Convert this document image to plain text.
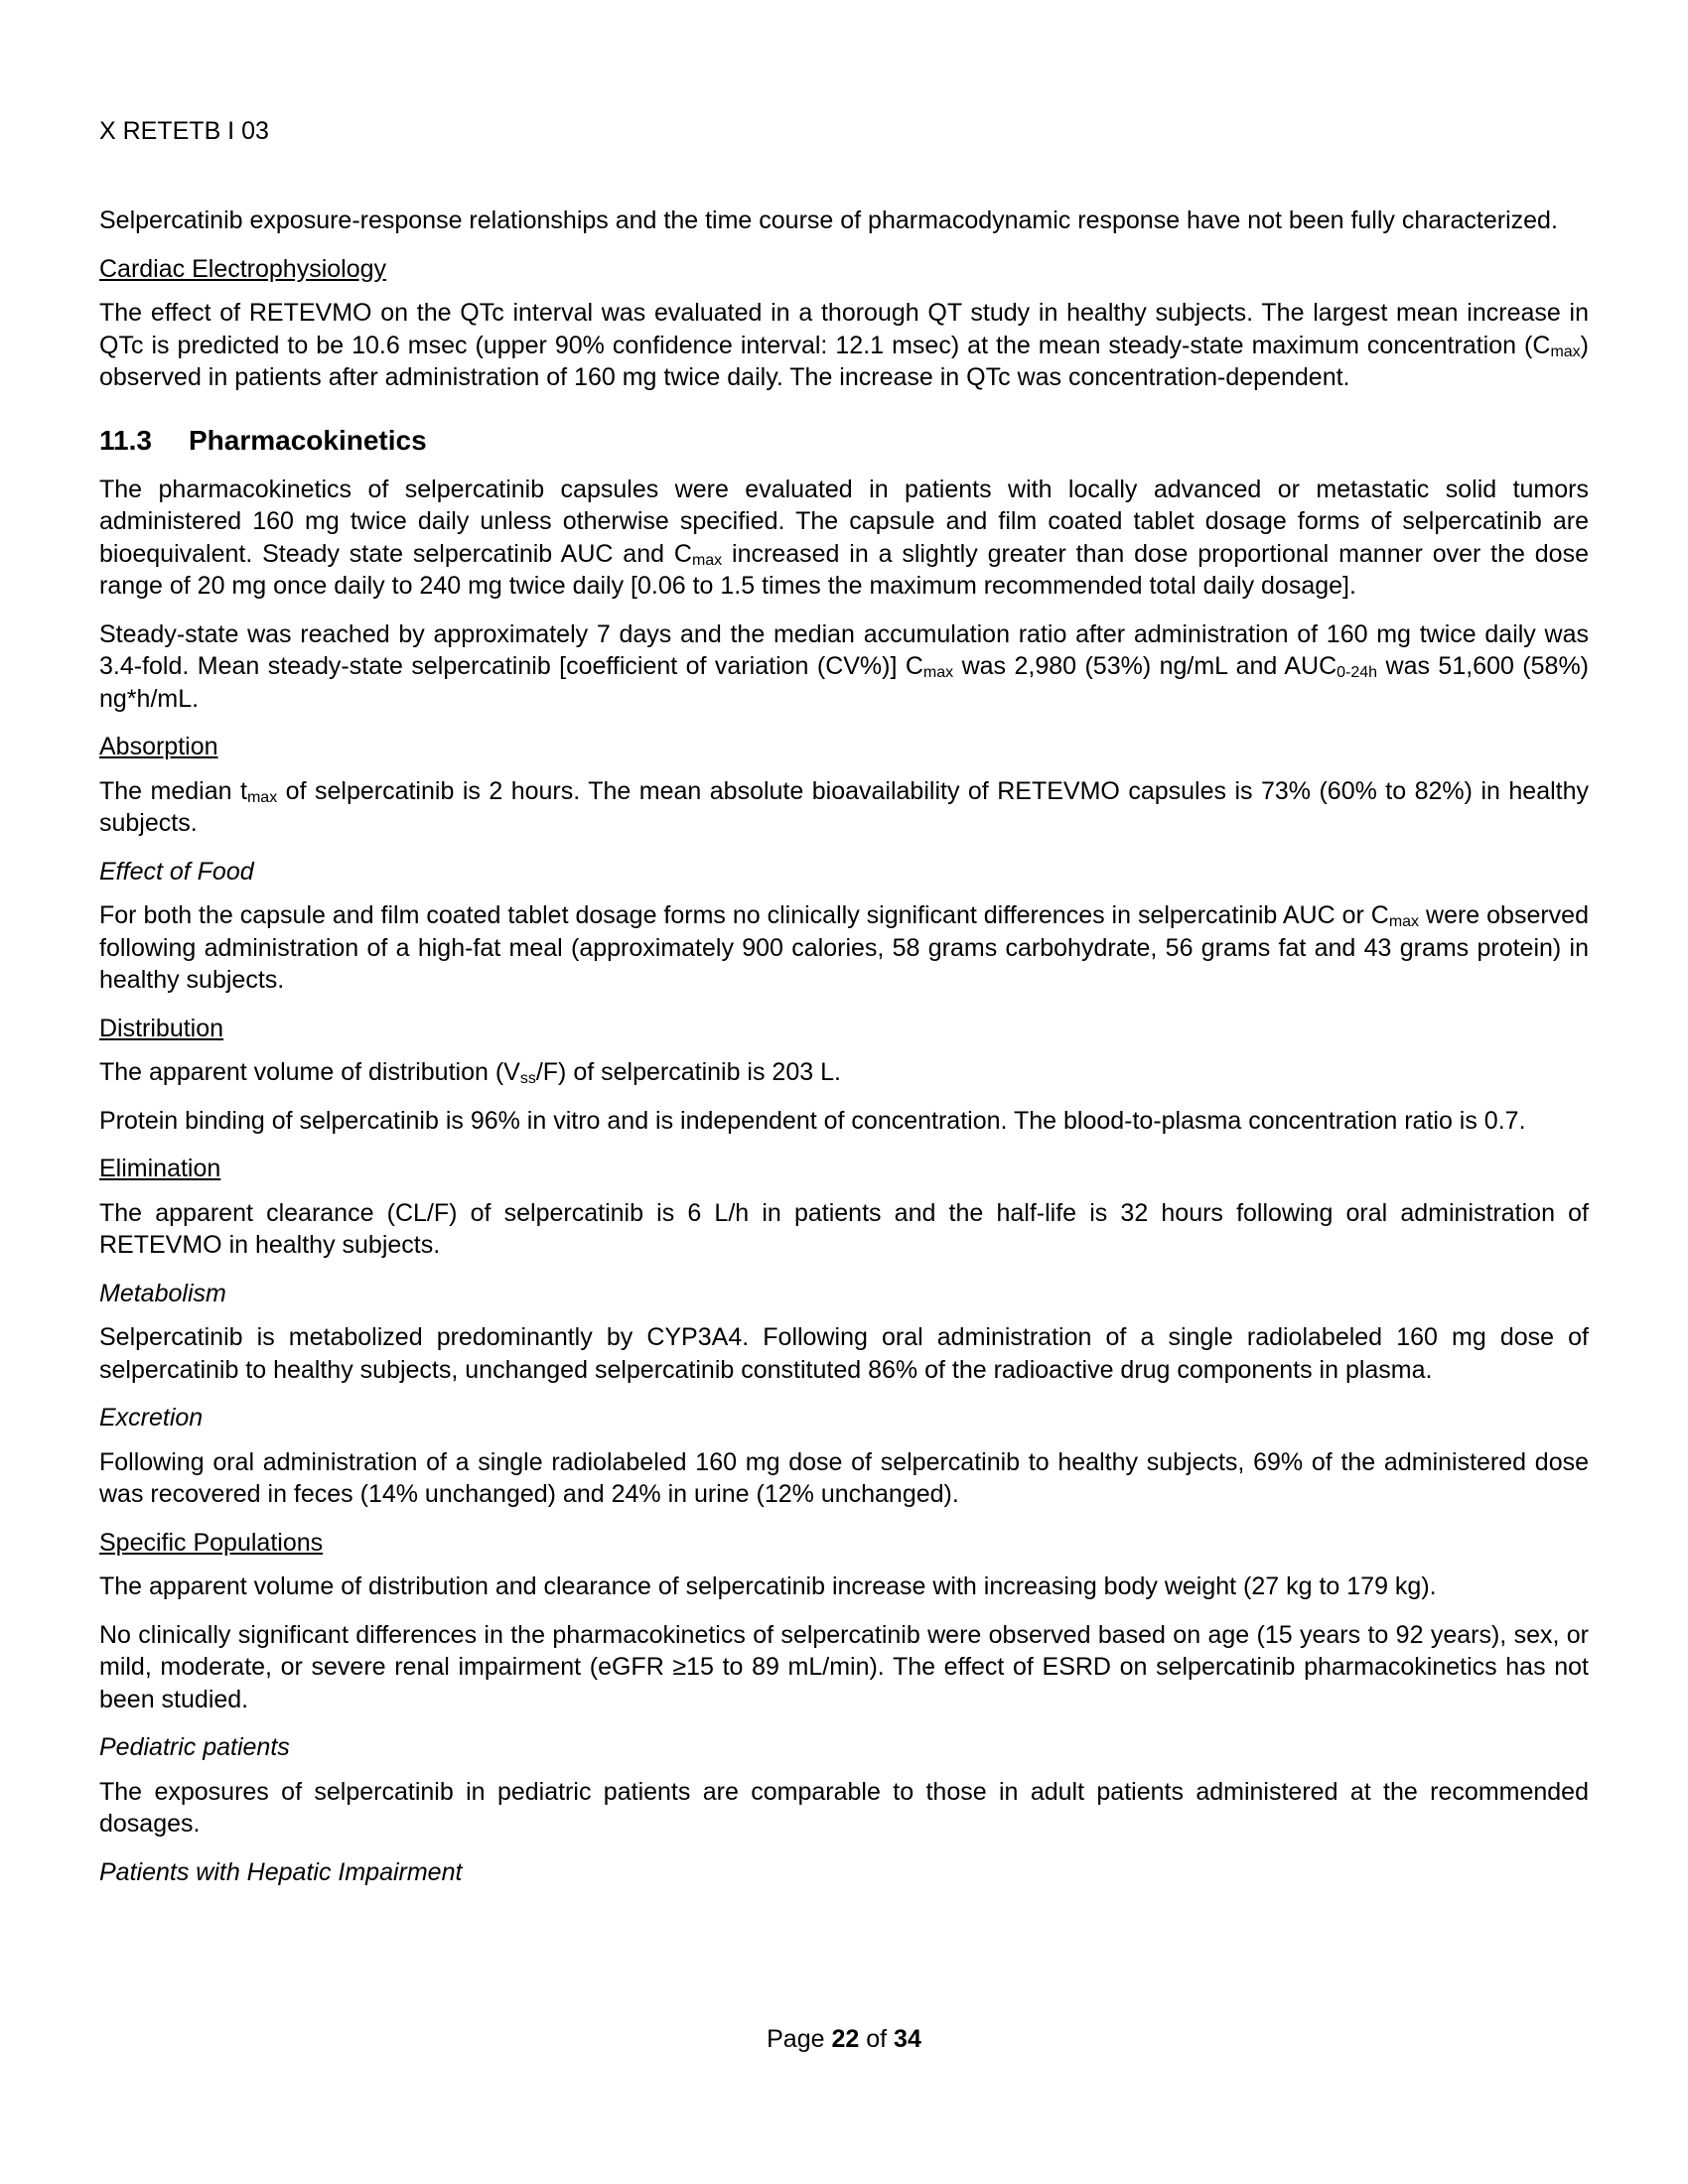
X RETETB I 03

Selpercatinib exposure-response relationships and the time course of pharmacodynamic response have not been fully characterized.

Cardiac Electrophysiology

The effect of RETEVMO on the QTc interval was evaluated in a thorough QT study in healthy subjects. The largest mean increase in QTc is predicted to be 10.6 msec (upper 90% confidence interval: 12.1 msec) at the mean steady-state maximum concentration $(C_{max})$ observed in patients after administration of 160 mg twice daily. The increase in QTc was concentration-dependent.

11.3 Pharmacokinetics

The pharmacokinetics of selpercatinib capsules were evaluated in patients with locally advanced or metastatic solid tumors administered 160 mg twice daily unless otherwise specified. The capsule and film coated tablet dosage forms of selpercatinib are bioequivalent. Steady state selpercatinib AUC and $C_{max}$ increased in a slightly greater than dose proportional manner over the dose range of 20 mg once daily to 240 mg twice daily [0.06 to 1.5 times the maximum recommended total daily dosage].

Steady-state was reached by approximately 7 days and the median accumulation ratio after administration of 160 mg twice daily was 3.4-fold. Mean steady-state selpercatinib [coefficient of variation (CV%)] $C_{max}$ was 2,980 (53%) ng/mL and $AUC_{0-24h}$ was 51,600 (58%) ng*h/mL.

Absorption

The median $t_{max}$ of selpercatinib is 2 hours. The mean absolute bioavailability of RETEVMO capsules is 73% (60% to 82%) in healthy subjects.

Effect of Food

For both the capsule and film coated tablet dosage forms no clinically significant differences in selpercatinib AUC or $C_{max}$ were observed following administration of a high-fat meal (approximately 900 calories, 58 grams carbohydrate, 56 grams fat and 43 grams protein) in healthy subjects.

Distribution

The apparent volume of distribution $(V_{ss}/F)$ of selpercatinib is 203 L.

Protein binding of selpercatinib is 96% in vitro and is independent of concentration. The blood-to-plasma concentration ratio is 0.7.

Elimination

The apparent clearance (CL/F) of selpercatinib is 6 L/h in patients and the half-life is 32 hours following oral administration of RETEVMO in healthy subjects.

Metabolism

Selpercatinib is metabolized predominantly by CYP3A4. Following oral administration of a single radiolabeled 160 mg dose of selpercatinib to healthy subjects, unchanged selpercatinib constituted 86% of the radioactive drug components in plasma.

Excretion

Following oral administration of a single radiolabeled 160 mg dose of selpercatinib to healthy subjects, 69% of the administered dose was recovered in feces (14% unchanged) and 24% in urine (12% unchanged).

Specific Populations

The apparent volume of distribution and clearance of selpercatinib increase with increasing body weight (27 kg to 179 kg).

No clinically significant differences in the pharmacokinetics of selpercatinib were observed based on age (15 years to 92 years), sex, or mild, moderate, or severe renal impairment (eGFR ≥15 to 89 mL/min). The effect of ESRD on selpercatinib pharmacokinetics has not been studied.

Pediatric patients

The exposures of selpercatinib in pediatric patients are comparable to those in adult patients administered at the recommended dosages.

Patients with Hepatic Impairment
Page 22 of 34
